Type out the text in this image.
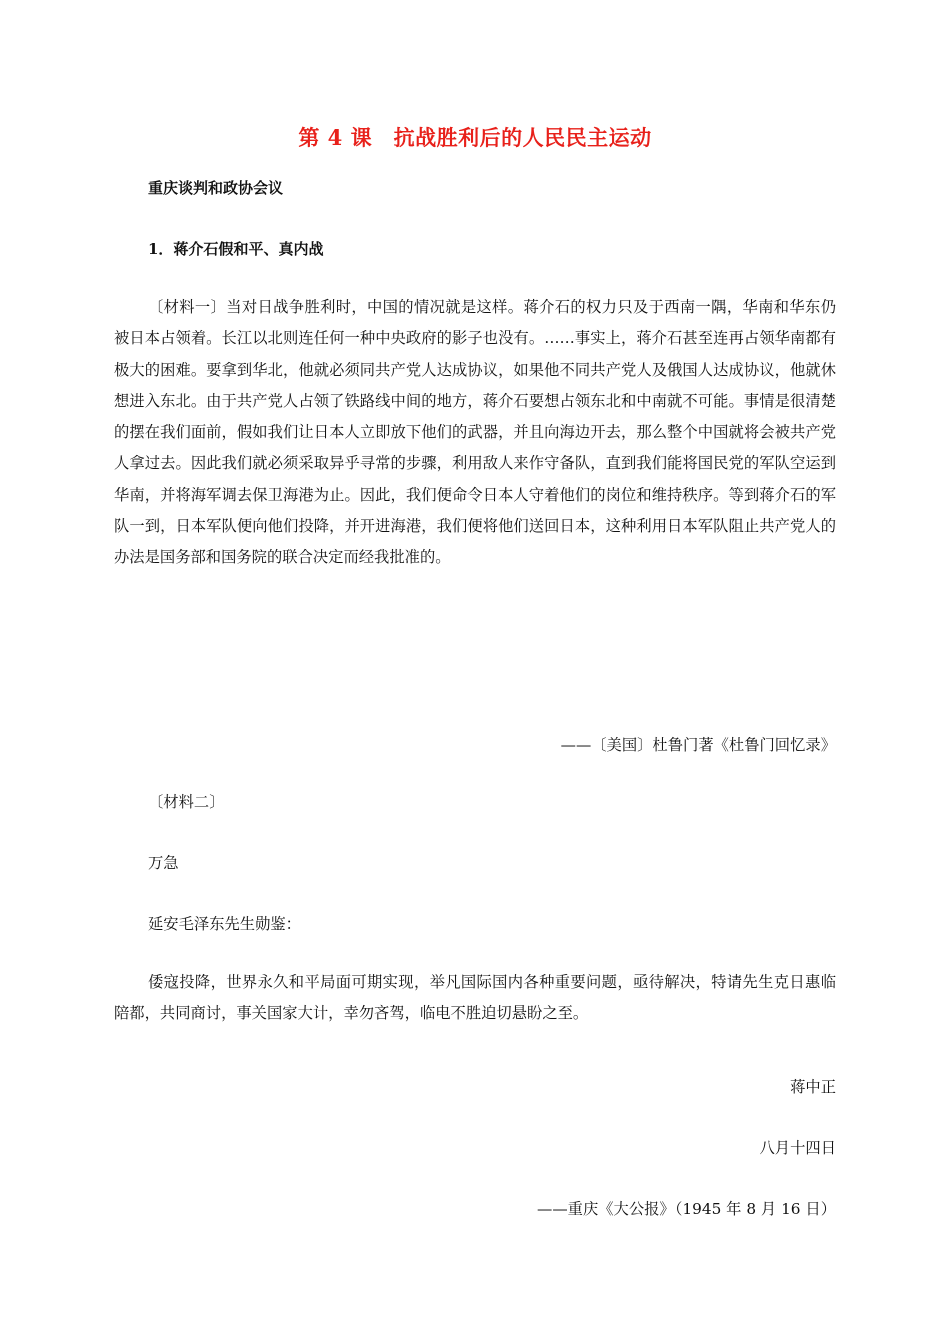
第 4 课　抗战胜利后的人民民主运动
重庆谈判和政协会议
1．蒋介石假和平、真内战

〔材料一〕当对日战争胜利时，中国的情况就是这样。蒋介石的权力只及于西南一隅，华南和华东仍被日本占领着。长江以北则连任何一种中央政府的影子也没有。……事实上，蒋介石甚至连再占领华南都有极大的困难。要拿到华北，他就必须同共产党人达成协议，如果他不同共产党人及俄国人达成协议，他就休想进入东北。由于共产党人占领了铁路线中间的地方，蒋介石要想占领东北和中南就不可能。事情是很清楚的摆在我们面前，假如我们让日本人立即放下他们的武器，并且向海边开去，那么整个中国就将会被共产党人拿过去。因此我们就必须采取异乎寻常的步骤，利用敌人来作守备队，直到我们能将国民党的军队空运到华南，并将海军调去保卫海港为止。因此，我们便命令日本人守着他们的岗位和维持秩序。等到蒋介石的军队一到，日本军队便向他们投降，并开进海港，我们便将他们送回日本，这种利用日本军队阻止共产党人的办法是国务部和国务院的联合决定而经我批准的。

——〔美国〕杜鲁门著《杜鲁门回忆录》
〔材料二〕
万急
延安毛泽东先生勋鉴：

倭寇投降，世界永久和平局面可期实现，举凡国际国内各种重要问题，亟待解决，特请先生克日惠临陪都，共同商讨，事关国家大计，幸勿吝驾，临电不胜迫切悬盼之至。

蒋中正
八月十四日
——重庆《大公报》（1945 年 8 月 16 日）
